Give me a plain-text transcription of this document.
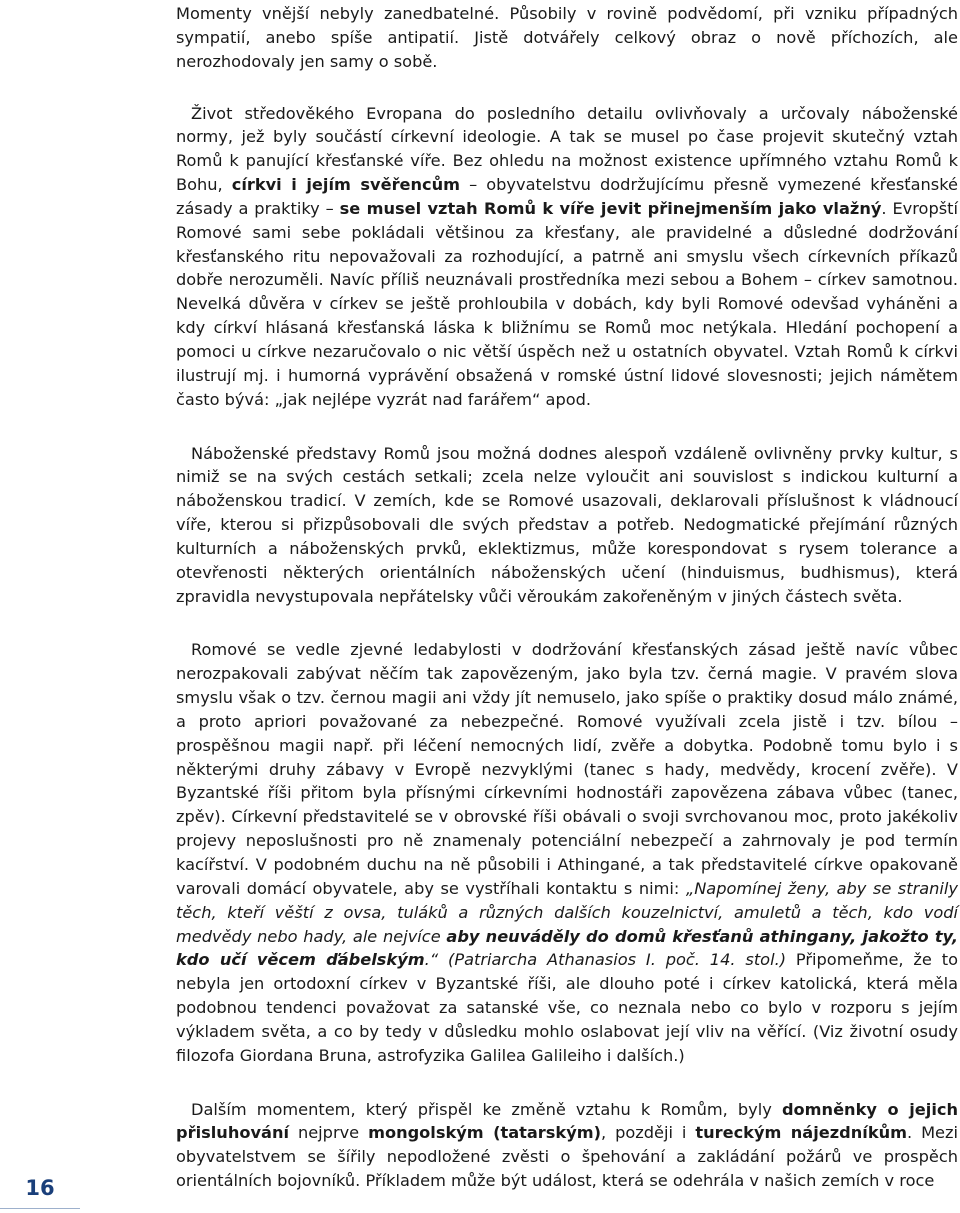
Momenty vnější nebyly zanedbatelné. Působily v rovině podvědomí, při vzniku případných sympatií, anebo spíše antipatií. Jistě dotvářely celkový obraz o nově příchozích, ale nerozhodovaly jen samy o sobě.

Život středověkého Evropana do posledního detailu ovlivňovaly a určovaly náboženské normy, jež byly součástí církevní ideologie. A tak se musel po čase projevit skutečný vztah Romů k panující křesťanské víře. Bez ohledu na možnost existence upřímného vztahu Romů k Bohu, církvi i jejím svěřencům – obyvatelstvu dodržujícímu přesně vymezené křesťanské zásady a praktiky – se musel vztah Romů k víře jevit přinejmenším jako vlažný. Evropští Romové sami sebe pokládali většinou za křesťany, ale pravidelné a důsledné dodržování křesťanského ritu nepovažovali za rozhodující, a patrně ani smyslu všech církevních příkazů dobře nerozuměli. Navíc příliš neuznávali prostředníka mezi sebou a Bohem – církev samotnou. Nevelká důvěra v církev se ještě prohloubila v dobách, kdy byli Romové odevšad vyháněni a kdy církví hlásaná křesťanská láska k bližnímu se Romů moc netýkala. Hledání pochopení a pomoci u církve nezaručovalo o nic větší úspěch než u ostatních obyvatel. Vztah Romů k církvi ilustrují mj. i humorná vyprávění obsažená v romské ústní lidové slovesnosti; jejich námětem často bývá: „jak nejlépe vyzrát nad farářem“ apod.

Náboženské představy Romů jsou možná dodnes alespoň vzdáleně ovlivněny prvky kultur, s nimiž se na svých cestách setkali; zcela nelze vyloučit ani souvislost s indickou kulturní a náboženskou tradicí. V zemích, kde se Romové usazovali, deklarovali příslušnost k vládnoucí víře, kterou si přizpůsobovali dle svých představ a potřeb. Nedogmatické přejímání různých kulturních a náboženských prvků, eklektizmus, může korespondovat s rysem tolerance a otevřenosti některých orientálních náboženských učení (hinduismus, budhismus), která zpravidla nevystupovala nepřátelsky vůči věroukám zakořeněným v jiných částech světa.

Romové se vedle zjevné ledabylosti v dodržování křesťanských zásad ještě navíc vůbec nerozpakovali zabývat něčím tak zapovězeným, jako byla tzv. černá magie. V pravém slova smyslu však o tzv. černou magii ani vždy jít nemuselo, jako spíše o praktiky dosud málo známé, a proto apriori považované za nebezpečné. Romové využívali zcela jistě i tzv. bílou – prospěšnou magii např. při léčení nemocných lidí, zvěře a dobytka. Podobně tomu bylo i s některými druhy zábavy v Evropě nezvyklými (tanec s hady, medvědy, krocení zvěře). V Byzantské říši přitom byla přísnými církevními hodnostáři zapovězena zábava vůbec (tanec, zpěv). Církevní představitelé se v obrovské říši obávali o svoji svrchovanou moc, proto jakékoliv projevy neposlušnosti pro ně znamenaly potenciální nebezpečí a zahrnovaly je pod termín kacířství. V podobném duchu na ně působili i Athingané, a tak představitelé církve opakovaně varovali domácí obyvatele, aby se vystříhali kontaktu s nimi: „Napomínej ženy, aby se stranily těch, kteří věští z ovsa, tuláků a různých dalších kouzelnictví, amuletů a těch, kdo vodí medvědy nebo hady, ale nejvíce aby neuváděly do domů křesťanů athingany, jakožto ty, kdo učí věcem ďábelským.“ (Patriarcha Athanasios I. poč. 14. stol.) Připomeňme, že to nebyla jen ortodoxní církev v Byzantské říši, ale dlouho poté i církev katolická, která měla podobnou tendenci považovat za satanské vše, co neznala nebo co bylo v rozporu s jejím výkladem světa, a co by tedy v důsledku mohlo oslabovat její vliv na věřící. (Viz životní osudy filozofa Giordana Bruna, astrofyzika Galilea Galileiho i dalších.)

Dalším momentem, který přispěl ke změně vztahu k Romům, byly domněnky o jejich přisluhování nejprve mongolským (tatarským), později i tureckým nájezdníkům. Mezi obyvatelstvem se šířily nepodložené zvěsti o špehování a zakládání požárů ve prospěch orientálních bojovníků. Příkladem může být událost, která se odehrála v našich zemích v roce

16
